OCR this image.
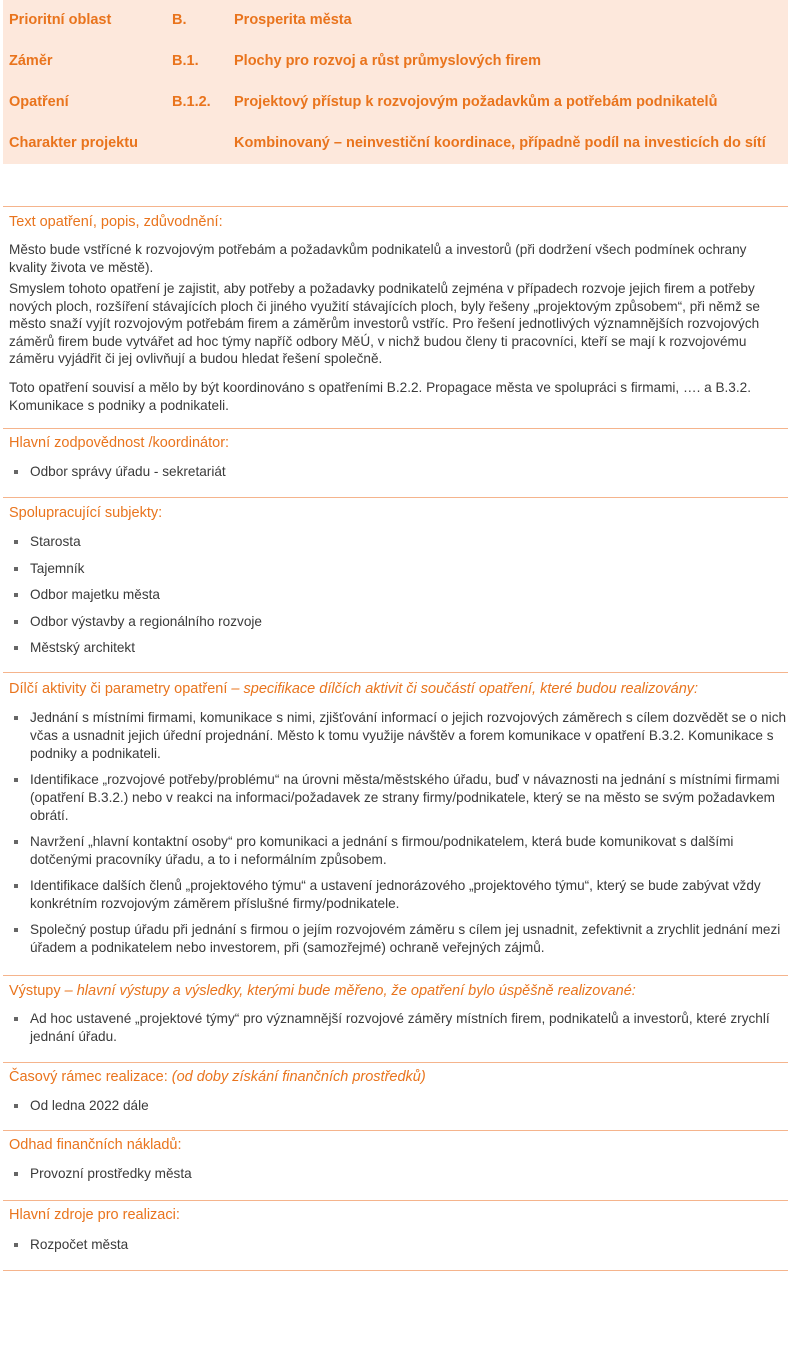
Prioritní oblast	B.	Prosperita města
Záměr	B.1. Plochy pro rozvoj a růst průmyslových firem
Opatření	B.1.2. Projektový přístup k rozvojovým požadavkům a potřebám podnikatelů
Charakter projektu	Kombinovaný – neinvestiční koordinace, případně podíl na investicích do sítí
Text opatření, popis, zdůvodnění:

Město bude vstřícné k rozvojovým potřebám a požadavkům podnikatelů a investorů (při dodržení všech podmínek ochrany kvality života ve městě).

Smyslem tohoto opatření je zajistit, aby potřeby a požadavky podnikatelů zejména v případech rozvoje jejich firem a potřeby nových ploch, rozšíření stávajících ploch či jiného využití stávajících ploch, byly řešeny „projektovým způsobem“, při němž se město snaží vyjít rozvojovým potřebám firem a záměrům investorů vstříc. Pro řešení jednotlivých významnějších rozvojových záměrů firem bude vytvářet ad hoc týmy napříč odbory MěÚ, v nichž budou členy ti pracovníci, kteří se mají k rozvojovému záměru vyjádřit či jej ovlivňují a budou hledat řešení společně.

Toto opatření souvisí a mělo by být koordinováno s opatřeními B.2.2. Propagace města ve spolupráci s firmami, …. a B.3.2. Komunikace s podniky a podnikateli.

Hlavní zodpovědnost /koordinátor:
Odbor správy úřadu - sekretariát
Spolupracující subjekty:
Starosta
Tajemník
Odbor majetku města
Odbor výstavby a regionálního rozvoje
Městský architekt
Dílčí aktivity či parametry opatření – specifikace dílčích aktivit či součástí opatření, které budou realizovány:
Jednání s místními firmami, komunikace s nimi, zjišťování informací o jejich rozvojových záměrech s cílem dozvědět se o nich včas a usnadnit jejich úřední projednání. Město k tomu využije návštěv a forem komunikace v opatření B.3.2. Komunikace s podniky a podnikateli.
Identifikace „rozvojové potřeby/problému“ na úrovni města/městského úřadu, buď v návaznosti na jednání s místními firmami (opatření B.3.2.) nebo v reakci na informaci/požadavek ze strany firmy/podnikatele, který se na město se svým požadavkem obrátí.
Navržení „hlavní kontaktní osoby“ pro komunikaci a jednání s firmou/podnikatelem, která bude komunikovat s dalšími dotčenými pracovníky úřadu, a to i neformálním způsobem.
Identifikace dalších členů „projektového týmu“ a ustavení jednorázového „projektového týmu“, který se bude zabývat vždy konkrétním rozvojovým záměrem příslušné firmy/podnikatele.
Společný postup úřadu při jednání s firmou o jejím rozvojovém záměru s cílem jej usnadnit, zefektivnit a zrychlit jednání mezi úřadem a podnikatelem nebo investorem, při (samozřejmé) ochraně veřejných zájmů.
Výstupy – hlavní výstupy a výsledky, kterými bude měřeno, že opatření bylo úspěšně realizované:
Ad hoc ustavené „projektové týmy“ pro významnější rozvojové záměry místních firem, podnikatelů a investorů, které zrychlí jednání úřadu.
Časový rámec realizace: (od doby získání finančních prostředků)
Od ledna 2022 dále
Odhad finančních nákladů:
Provozní prostředky města
Hlavní zdroje pro realizaci:
Rozpočet města
